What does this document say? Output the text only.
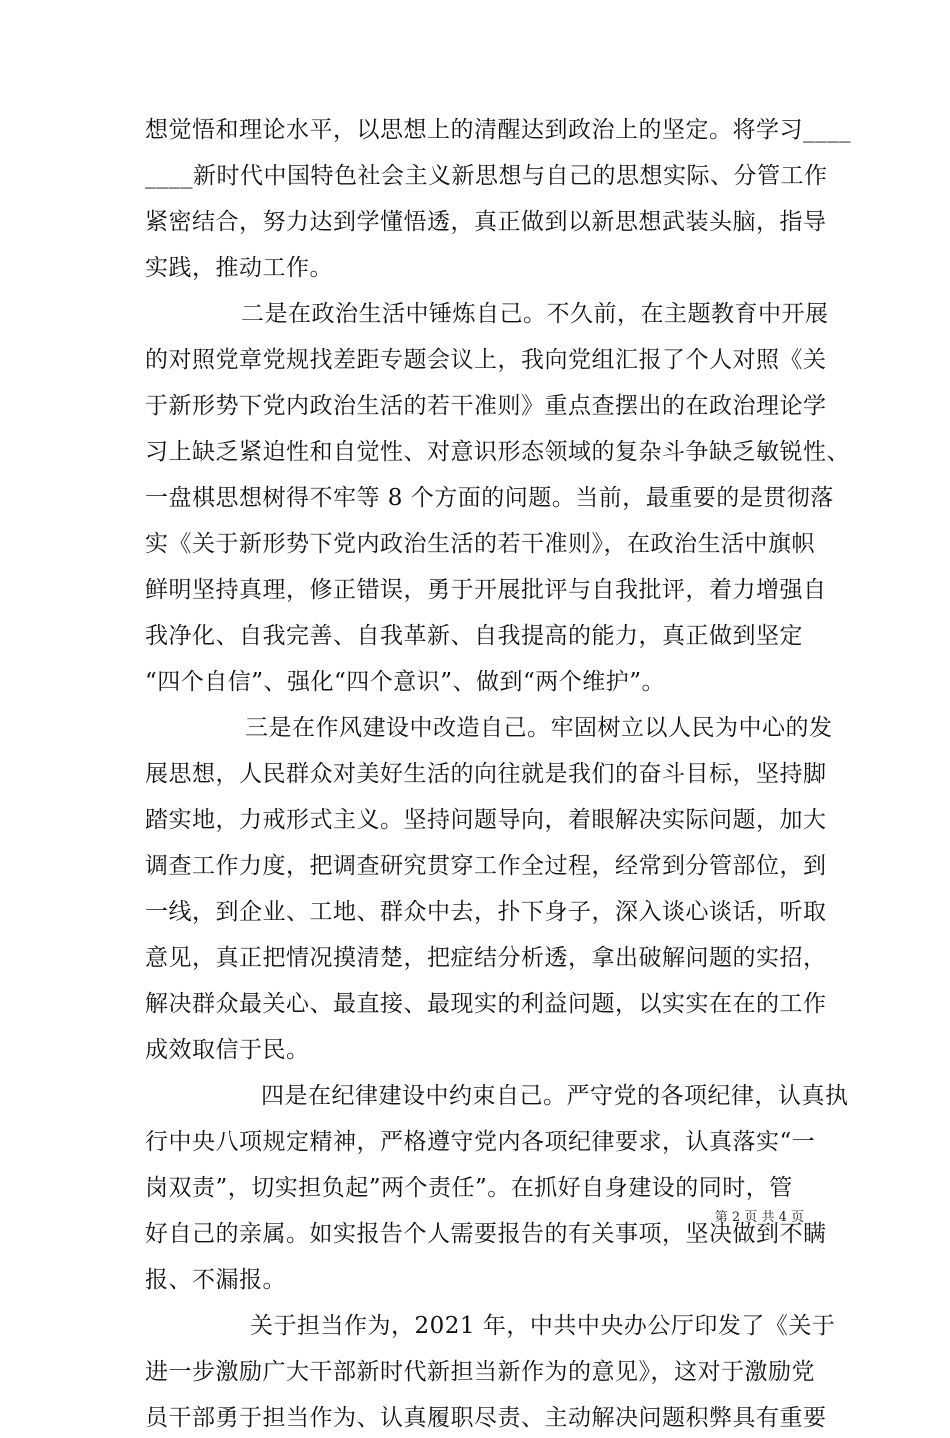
想觉悟和理论水平，以思想上的清醒达到政治上的坚定。将学习____
____新时代中国特色社会主义新思想与自己的思想实际、分管工作
紧密结合，努力达到学懂悟透，真正做到以新思想武装头脑，指导
实践，推动工作。
二是在政治生活中锤炼自己。不久前，在主题教育中开展
的对照党章党规找差距专题会议上，我向党组汇报了个人对照《关
于新形势下党内政治生活的若干准则》重点查摆出的在政治理论学
习上缺乏紧迫性和自觉性、对意识形态领域的复杂斗争缺乏敏锐性、
一盘棋思想树得不牢等 8 个方面的问题。当前，最重要的是贯彻落
实《关于新形势下党内政治生活的若干准则》，在政治生活中旗帜
鲜明坚持真理，修正错误，勇于开展批评与自我批评，着力增强自
我净化、自我完善、自我革新、自我提高的能力，真正做到坚定
“四个自信”、强化“四个意识”、做到“两个维护”。
三是在作风建设中改造自己。牢固树立以人民为中心的发
展思想，人民群众对美好生活的向往就是我们的奋斗目标，坚持脚
踏实地，力戒形式主义。坚持问题导向，着眼解决实际问题，加大
调查工作力度，把调查研究贯穿工作全过程，经常到分管部位，到
一线，到企业、工地、群众中去，扑下身子，深入谈心谈话，听取
意见，真正把情况摸清楚，把症结分析透，拿出破解问题的实招，
解决群众最关心、最直接、最现实的利益问题，以实实在在的工作
成效取信于民。
四是在纪律建设中约束自己。严守党的各项纪律，认真执
行中央八项规定精神，严格遵守党内各项纪律要求，认真落实“一
岗双责”，切实担负起”两个责任”。在抓好自身建设的同时，管
好自己的亲属。如实报告个人需要报告的有关事项，坚决做到不瞒
报、不漏报。
关于担当作为，2021 年，中共中央办公厅印发了《关于
进一步激励广大干部新时代新担当新作为的意见》，这对于激励党
员干部勇于担当作为、认真履职尽责、主动解决问题积弊具有重要
第 2 页 共 4 页
